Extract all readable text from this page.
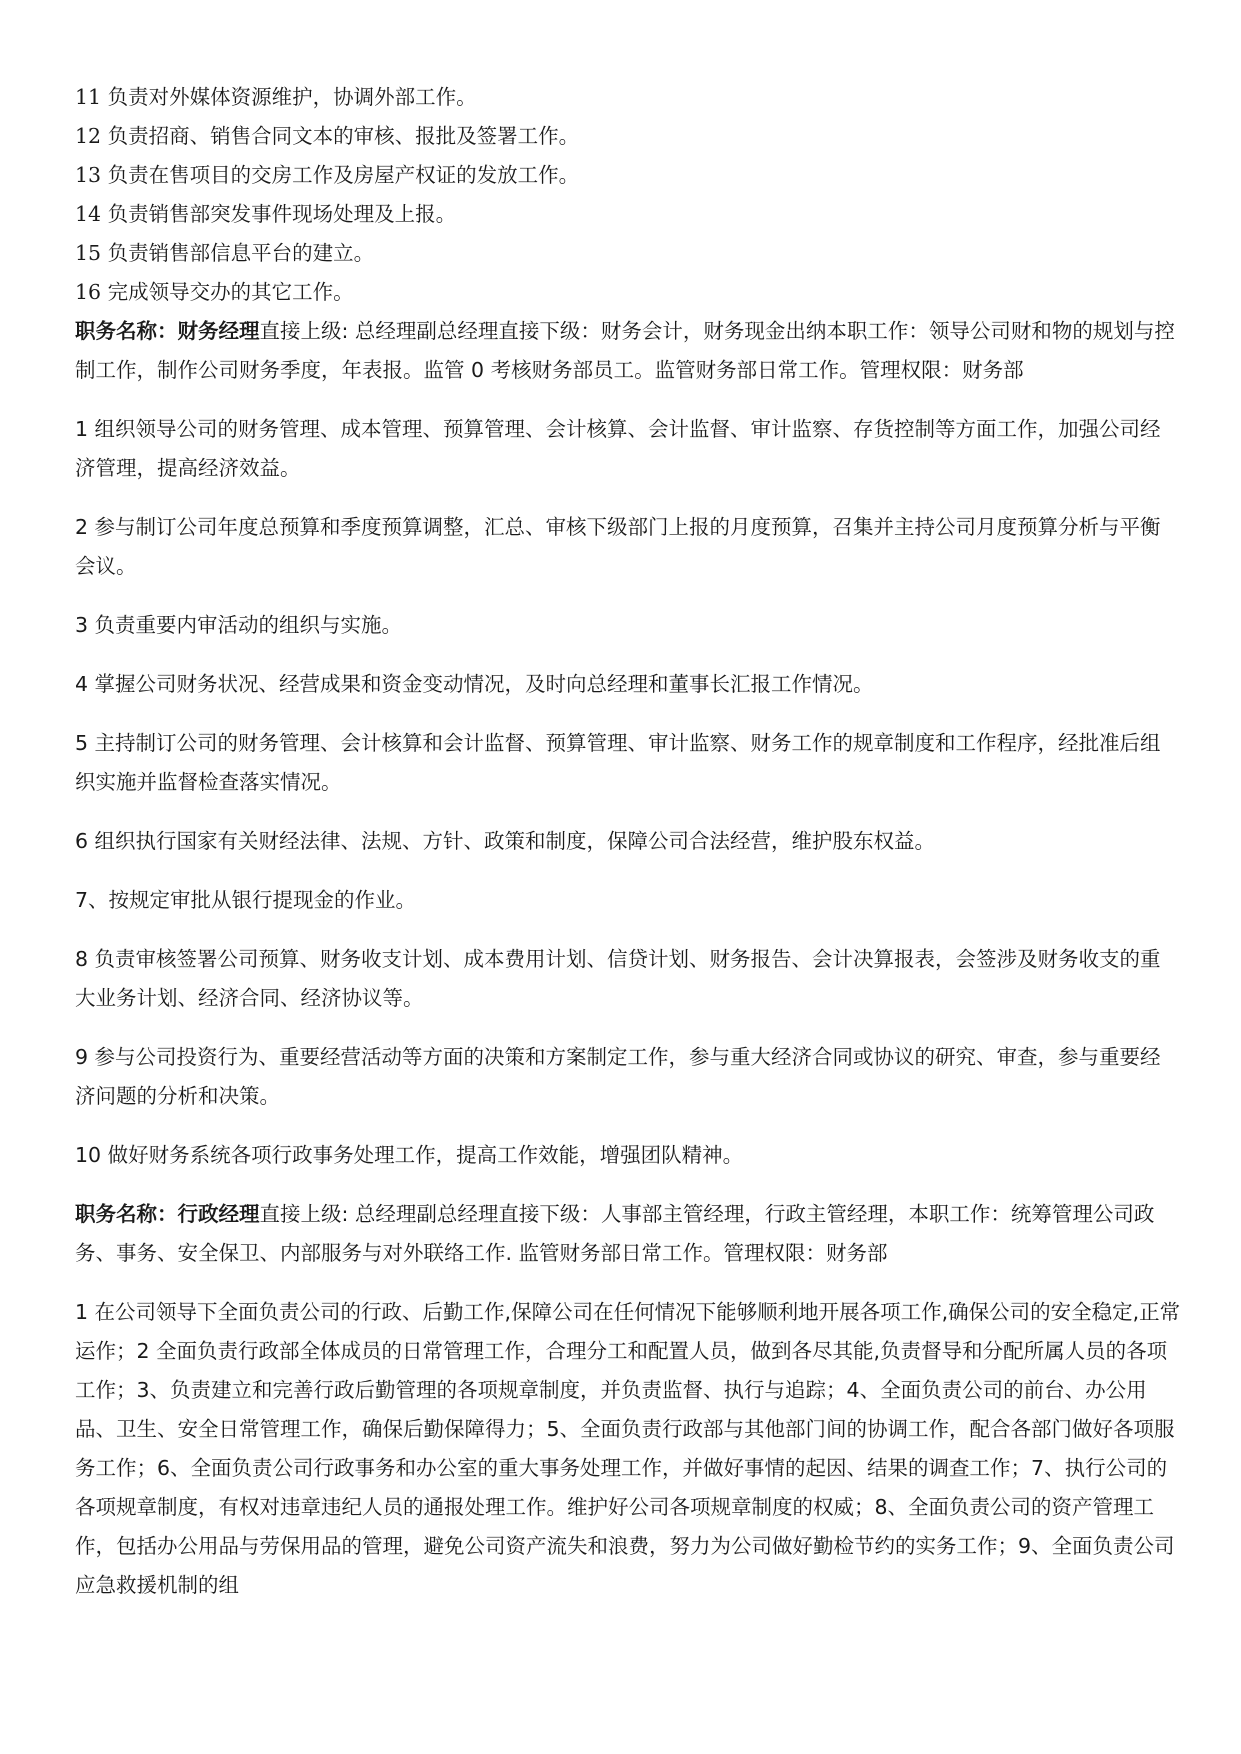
11 负责对外媒体资源维护，协调外部工作。

12 负责招商、销售合同文本的审核、报批及签署工作。

13 负责在售项目的交房工作及房屋产权证的发放工作。

14 负责销售部突发事件现场处理及上报。

15 负责销售部信息平台的建立。

16 完成领导交办的其它工作。

职务名称：财务经理直接上级: 总经理副总经理直接下级：财务会计，财务现金出纳本职工作：领导公司财和物的规划与控制工作，制作公司财务季度，年表报。监管 0 考核财务部员工。监管财务部日常工作。管理权限：财务部

1 组织领导公司的财务管理、成本管理、预算管理、会计核算、会计监督、审计监察、存货控制等方面工作，加强公司经济管理，提高经济效益。

2 参与制订公司年度总预算和季度预算调整，汇总、审核下级部门上报的月度预算，召集并主持公司月度预算分析与平衡会议。

3 负责重要内审活动的组织与实施。

4 掌握公司财务状况、经营成果和资金变动情况，及时向总经理和董事长汇报工作情况。

5 主持制订公司的财务管理、会计核算和会计监督、预算管理、审计监察、财务工作的规章制度和工作程序，经批准后组织实施并监督检查落实情况。

6 组织执行国家有关财经法律、法规、方针、政策和制度，保障公司合法经营，维护股东权益。

7、按规定审批从银行提现金的作业。

8 负责审核签署公司预算、财务收支计划、成本费用计划、信贷计划、财务报告、会计决算报表，会签涉及财务收支的重大业务计划、经济合同、经济协议等。

9 参与公司投资行为、重要经营活动等方面的决策和方案制定工作，参与重大经济合同或协议的研究、审查，参与重要经济问题的分析和决策。

10 做好财务系统各项行政事务处理工作，提高工作效能，增强团队精神。

职务名称：行政经理直接上级: 总经理副总经理直接下级：人事部主管经理，行政主管经理，本职工作：统筹管理公司政务、事务、安全保卫、内部服务与对外联络工作. 监管财务部日常工作。管理权限：财务部

1 在公司领导下全面负责公司的行政、后勤工作,保障公司在任何情况下能够顺利地开展各项工作,确保公司的安全稳定,正常运作；2 全面负责行政部全体成员的日常管理工作，合理分工和配置人员，做到各尽其能,负责督导和分配所属人员的各项工作；3、负责建立和完善行政后勤管理的各项规章制度，并负责监督、执行与追踪；4、全面负责公司的前台、办公用品、卫生、安全日常管理工作，确保后勤保障得力；5、全面负责行政部与其他部门间的协调工作，配合各部门做好各项服务工作；6、全面负责公司行政事务和办公室的重大事务处理工作，并做好事情的起因、结果的调查工作；7、执行公司的各项规章制度，有权对违章违纪人员的通报处理工作。维护好公司各项规章制度的权威；8、全面负责公司的资产管理工作，包括办公用品与劳保用品的管理，避免公司资产流失和浪费，努力为公司做好勤检节约的实务工作；9、全面负责公司应急救援机制的组
